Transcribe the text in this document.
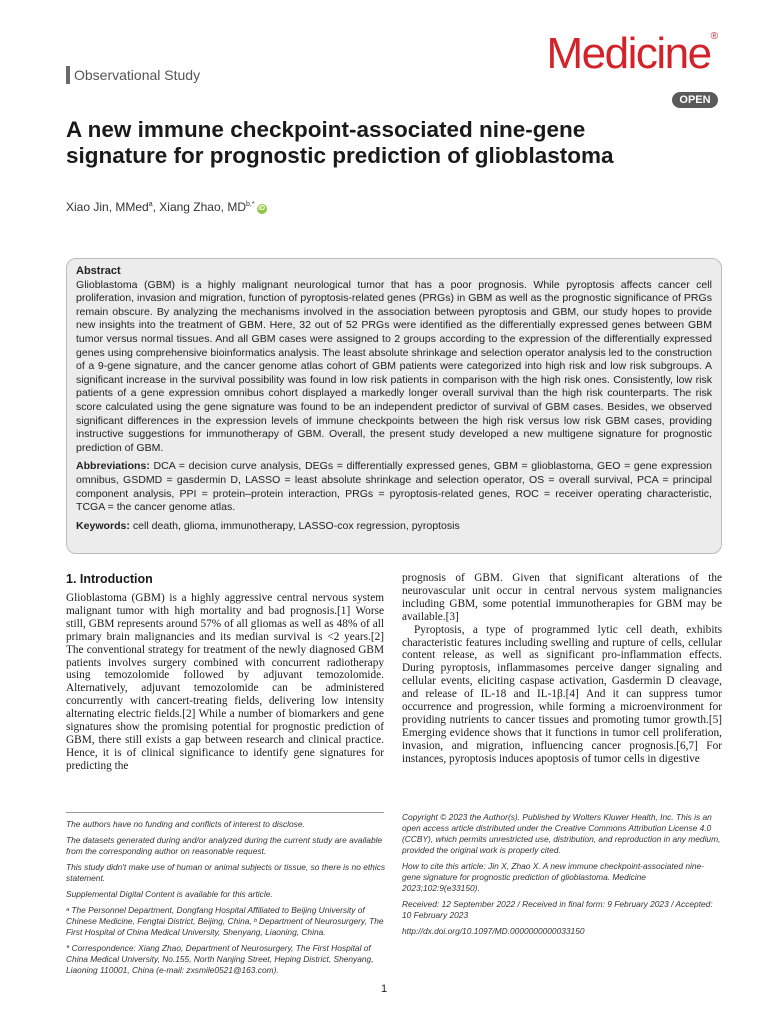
Observational Study	Medicine®
OPEN
A new immune checkpoint-associated nine-gene signature for prognostic prediction of glioblastoma
Xiao Jin, MMed$^a$, Xiang Zhao, $MD^{b,*}iD$
Abstract

Glioblastoma (GBM) is a highly malignant neurological tumor that has a poor prognosis. While pyroptosis affects cancer cell proliferation, invasion and migration, function of pyroptosis-related genes (PRGs) in GBM as well as the prognostic significance of PRGs remain obscure. By analyzing the mechanisms involved in the association between pyroptosis and GBM, our study hopes to provide new insights into the treatment of GBM. Here, 32 out of 52 PRGs were identified as the differentially expressed genes between GBM tumor versus normal tissues. And all GBM cases were assigned to 2 groups according to the expression of the differentially expressed genes using comprehensive bioinformatics analysis. The least absolute shrinkage and selection operator analysis led to the construction of a 9-gene signature, and the cancer genome atlas cohort of GBM patients were categorized into high risk and low risk subgroups. A significant increase in the survival possibility was found in low risk patients in comparison with the high risk ones. Consistently, low risk patients of a gene expression omnibus cohort displayed a markedly longer overall survival than the high risk counterparts. The risk score calculated using the gene signature was found to be an independent predictor of survival of GBM cases. Besides, we observed significant differences in the expression levels of immune checkpoints between the high risk versus low risk GBM cases, providing instructive suggestions for immunotherapy of GBM. Overall, the present study developed a new multigene signature for prognostic prediction of GBM.

Abbreviations: DCA = decision curve analysis, DEGs = differentially expressed genes, GBM = glioblastoma, GEO = gene expression omnibus, GSDMD = gasdermin D, LASSO = least absolute shrinkage and selection operator, OS = overall survival, PCA = principal component analysis, PPI = protein–protein interaction, PRGs = pyroptosis-related genes, ROC = receiver operating characteristic, TCGA = the cancer genome atlas.

Keywords: cell death, glioma, immunotherapy, LASSO-cox regression, pyroptosis

1. Introduction

Glioblastoma (GBM) is a highly aggressive central nervous system malignant tumor with high mortality and bad prognosis.[1] Worse still, GBM represents around 57% of all gliomas as well as 48% of all primary brain malignancies and its median survival is <2 years.[2] The conventional strategy for treatment of the newly diagnosed GBM patients involves surgery combined with concurrent radiotherapy using temozolomide followed by adjuvant temozolomide. Alternatively, adjuvant temozolomide can be administered concurrently with cancert-treating fields, delivering low intensity alternating electric fields.[2] While a number of biomarkers and gene signatures show the promising potential for prognostic prediction of GBM, there still exists a gap between research and clinical practice. Hence, it is of clinical significance to identify gene signatures for predicting the

prognosis of GBM. Given that significant alterations of the neurovascular unit occur in central nervous system malignancies including GBM, some potential immunotherapies for GBM may be available.[3]

Pyroptosis, a type of programmed lytic cell death, exhibits characteristic features including swelling and rupture of cells, cellular content release, as well as significant pro-inflammation effects. During pyroptosis, inflammasomes perceive danger signaling and cellular events, eliciting caspase activation, Gasdermin D cleavage, and release of IL-18 and IL-1β.[4] And it can suppress tumor occurrence and progression, while forming a microenvironment for providing nutrients to cancer tissues and promoting tumor growth.[5] Emerging evidence shows that it functions in tumor cell proliferation, invasion, and migration, influencing cancer prognosis.[6,7] For instances, pyroptosis induces apoptosis of tumor cells in digestive

The authors have no funding and conflicts of interest to disclose.

The datasets generated during and/or analyzed during the current study are available from the corresponding author on reasonable request.

This study didn't make use of human or animal subjects or tissue, so there is no ethics statement.

Supplemental Digital Content is available for this article.

ᵃ The Personnel Department, Dongfang Hospital Affiliated to Beijing University of Chinese Medicine, Fengtai District, Beijing, China, ᵇ Department of Neurosurgery, The First Hospital of China Medical University, Shenyang, Liaoning, China.

* Correspondence: Xiang Zhao, Department of Neurosurgery, The First Hospital of China Medical University, No.155, North Nanjing Street, Heping District, Shenyang, Liaoning 110001, China (e-mail: zxsmile0521@163.com).

Copyright © 2023 the Author(s). Published by Wolters Kluwer Health, Inc. This is an open access article distributed under the Creative Commons Attribution License 4.0 (CCBY), which permits unrestricted use, distribution, and reproduction in any medium, provided the original work is properly cited.

How to cite this article: Jin X, Zhao X. A new immune checkpoint-associated nine-gene signature for prognostic prediction of glioblastoma. Medicine 2023;102:9(e33150).

Received: 12 September 2022 / Received in final form: 9 February 2023 / Accepted: 10 February 2023

http://dx.doi.org/10.1097/MD.0000000000033150

1
